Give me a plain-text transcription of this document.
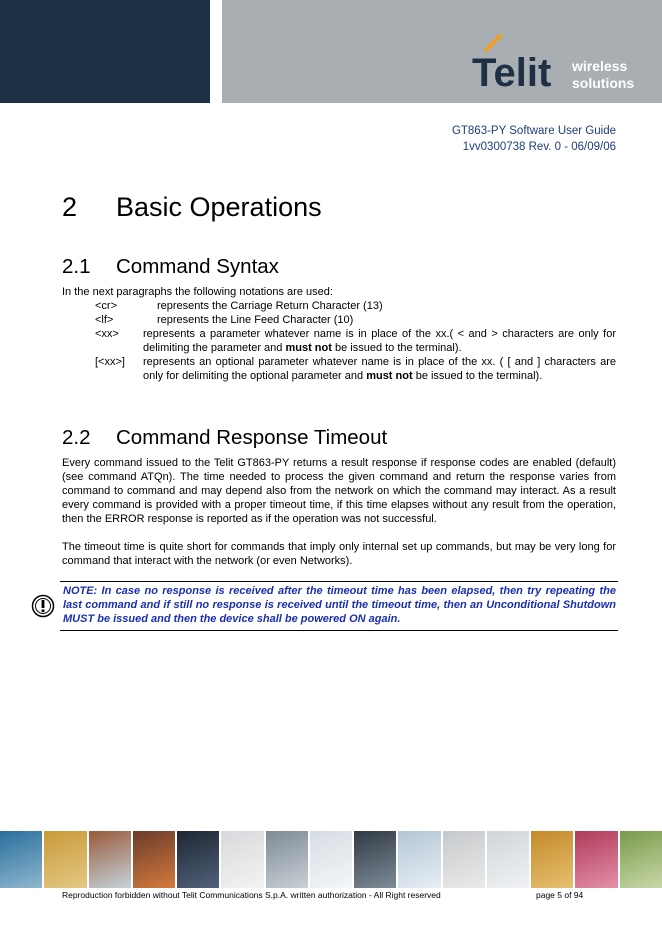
Telit wireless
solutions
GT863-PY Software User Guide
1vv0300738 Rev. 0 - 06/09/06
2 Basic Operations
2.1 Command Syntax
In the next paragraphs the following notations are used:
<cr>	represents the Carriage Return Character (13)
<lf>	represents the Line Feed Character (10)
<xx>	represents a parameter whatever name is in place of the xx.( < and > characters are only for delimiting the parameter and must not be issued to the terminal).
[<xx>]	represents an optional parameter whatever name is in place of the xx. ( [ and ] characters are only for delimiting the optional parameter and must not be issued to the terminal).
2.2 Command Response Timeout
Every command issued to the Telit GT863-PY returns a result response if response codes are enabled (default) (see command ATQn). The time needed to process the given command and return the response varies from command to command and may depend also from the network on which the command may interact. As a result every command is provided with a proper timeout time, if this time elapses without any result from the operation, then the ERROR response is reported as if the operation was not successful.
The timeout time is quite short for commands that imply only internal set up commands, but may be very long for command that interact with the network (or even Networks).
NOTE: In case no response is received after the timeout time has been elapsed, then try repeating the last command and if still no response is received until the timeout time, then an Unconditional Shutdown MUST be issued and then the device shall be powered ON again.
Reproduction forbidden without Telit Communications S.p.A. written authorization - All Right reserved	page 5 of 94
